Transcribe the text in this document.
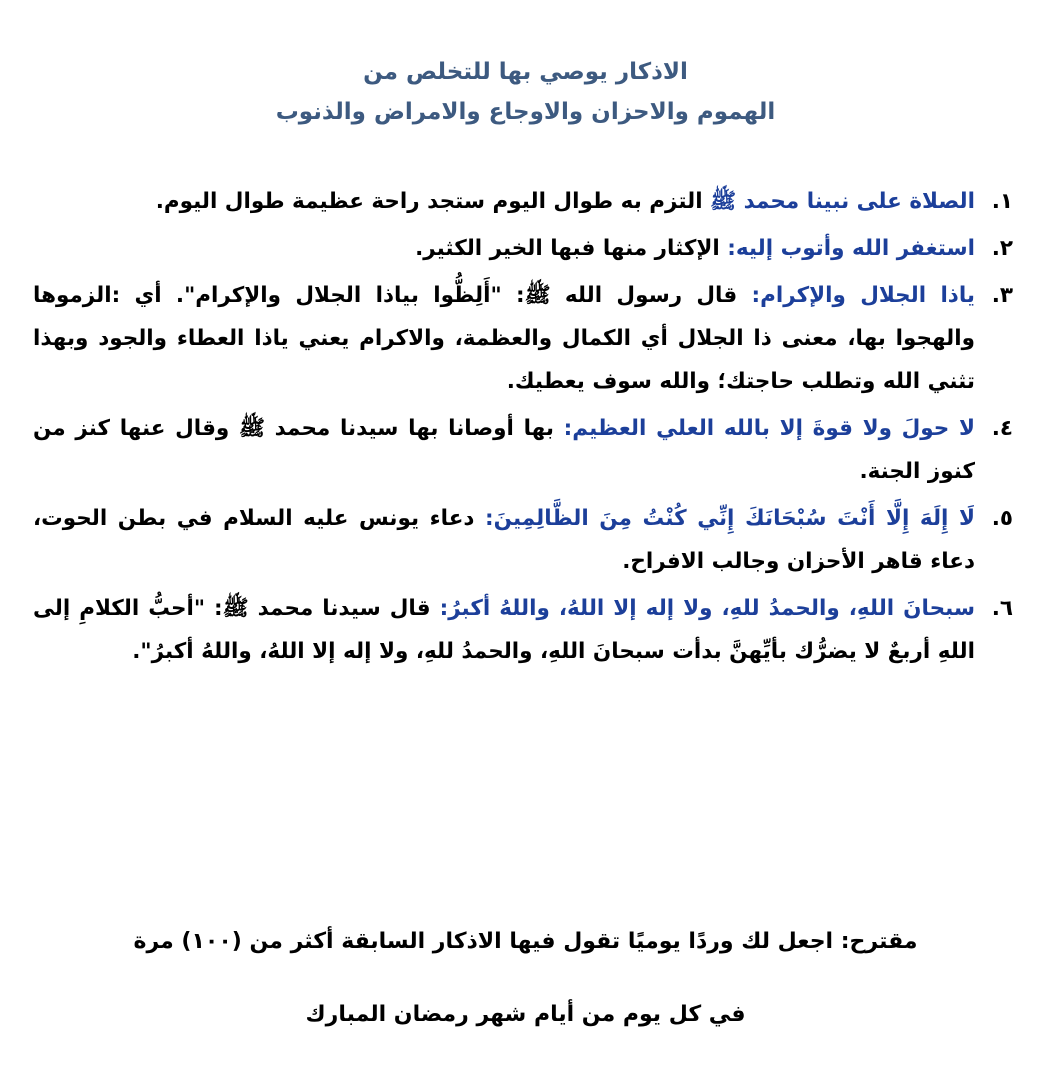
الاذكار يوصي بها للتخلص من
الهموم والاحزان والاوجاع والامراض والذنوب
١.
الصلاة على نبينا محمد ﷺ التزم به طوال اليوم ستجد راحة عظيمة طوال اليوم.
٢.
استغفر الله وأتوب إليه: الإكثار منها فبها الخير الكثير.
٣.
ياذا الجلال والإكرام: قال رسول الله ﷺ: "أَلِظُّوا بياذا الجلال والإكرام". أي :الزموها والهجوا بها، معنى ذا الجلال أي الكمال والعظمة، والاكرام يعني ياذا العطاء والجود وبهذا تثني الله وتطلب حاجتك؛ والله سوف يعطيك.
٤.
لا حولَ ولا قوةَ إلا بالله العلي العظيم: بها أوصانا بها سيدنا محمد ﷺ وقال عنها كنز من كنوز الجنة.
٥.
لَا إِلَهَ إِلَّا أَنْتَ سُبْحَانَكَ إِنِّي كُنْتُ مِنَ الظَّالِمِينَ: دعاء يونس عليه السلام في بطن الحوت، دعاء قاهر الأحزان وجالب الافراح.
٦.
سبحانَ اللهِ، والحمدُ للهِ، ولا إله إلا اللهُ، واللهُ أكبرُ: قال سيدنا محمد ﷺ: "أحبُّ الكلامِ إلى اللهِ أربعٌ لا يضرُّك بأيِّهنَّ بدأت سبحانَ اللهِ، والحمدُ للهِ، ولا إله إلا اللهُ، واللهُ أكبرُ".
مقترح: اجعل لك وردًا يوميًا تقول فيها الاذكار السابقة أكثر من (١٠٠) مرة
في كل يوم من أيام شهر رمضان المبارك
